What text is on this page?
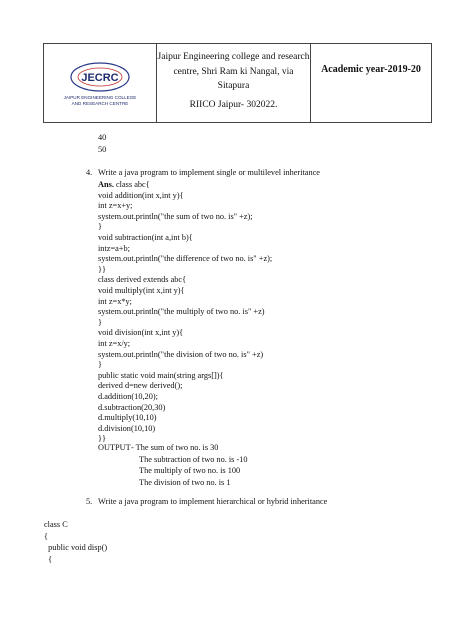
JECRC
JAIPUR ENGINEERING COLLEGE
AND RESEARCH CENTRE
Jaipur Engineering college and research
centre, Shri Ram ki Nangal, via Sitapura
RIICO Jaipur- 302022.
Academic year-2019-20
40
50
4. Write a java program to implement single or multilevel inheritance
Ans. class abc{
void addition(int x,int y){
int z=x+y;
system.out.println("the sum of two no. is" +z);
}
void subtraction(int a,int b){
intz=a+b;
system.out.println("the difference of two no. is" +z);
}}
class derived extends abc{
void multiply(int x,int y){
int z=x*y;
system.out.println("the multiply of two no. is" +z)
}
void division(int x,int y){
int z=x/y;
system.out.println("the division of two no. is" +z)
}
public static void main(string args[]){
derived d=new derived();
d.addition(10,20);
d.subtraction(20,30)
d.multiply(10,10)
d.division(10,10)
}}
OUTPUT - The sum of two no. is 30
The subtraction of two no. is -10
The multiply of two no. is 100
The division of two no. is 1
5. Write a java program to implement hierarchical or hybrid inheritance
class C
{
public void disp()
{
